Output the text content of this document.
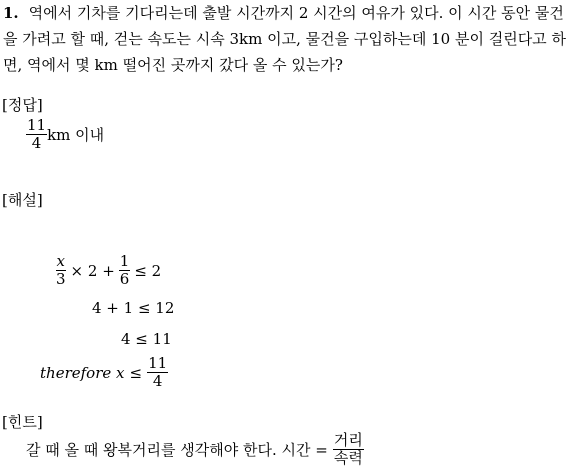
1. 역에서 기차를 기다리는데 출발 시간까지 2 시간의 여유가 있다. 이 시간 동안 물건을 가려고 할 때, 걷는 속도는 시속 3km 이고, 물건을 구입하는데 10 분이 걸린다고 하면, 역에서 몇 km 떨어진 곳까지 갔다 올 수 있는가?
[정답]
$\frac{11}{4}$ km 이내
[해설]
$\frac{x}{3} \times 2 + \frac{1}{6} \le 2$
4 + 1 ≤ 12
4 ≤ 11
therefore $x \le \frac{11}{4}$
[힌트]
갈 때 올 때 왕복거리를 생각해야 한다. 시간 = $\frac{\text{거리}}{\text{속력}}$
